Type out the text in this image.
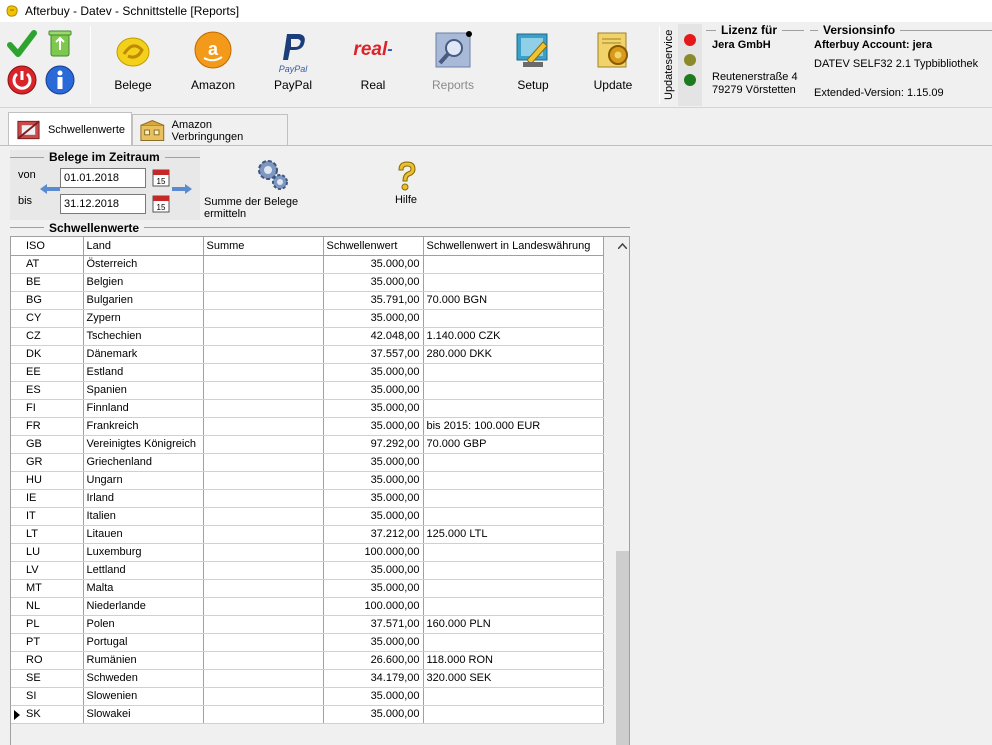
Afterbuy - Datev - Schnittstelle [Reports]
Belege
a
Amazon
PayPal
PayPal
real -
Real	Reports	Setup	Update	Updateservice	Lizenz für
Jera GmbH
Reutenerstraße 4
79279 Vörstetten
Versionsinfo
Afterbuy Account: jera
DATEV SELF32 2.1 Typbibliothek
Extended-Version: 1.15.09
Schwellenwerte	Amazon Verbringungen
Belege im Zeitraum
von
bis
01.01.2018
31.12.2018
15
15	Summe der Belege ermitteln
Hilfe
Schwellenwerte
	ISO	Land	Summe	Schwellenwert	Schwellenwert in Landeswährung
	AT	Österreich		35.000,00	
	BE	Belgien		35.000,00	
	BG	Bulgarien		35.791,00	70.000 BGN
	CY	Zypern		35.000,00	
	CZ	Tschechien		42.048,00	1.140.000 CZK
	DK	Dänemark		37.557,00	280.000 DKK
	EE	Estland		35.000,00	
	ES	Spanien		35.000,00	
	FI	Finnland		35.000,00	
	FR	Frankreich		35.000,00	bis 2015: 100.000 EUR
	GB	Vereinigtes Königreich		97.292,00	70.000 GBP
	GR	Griechenland		35.000,00	
	HU	Ungarn		35.000,00	
	IE	Irland		35.000,00	
	IT	Italien		35.000,00	
	LT	Litauen		37.212,00	125.000 LTL
	LU	Luxemburg		100.000,00	
	LV	Lettland		35.000,00	
	MT	Malta		35.000,00	
	NL	Niederlande		100.000,00	
	PL	Polen		37.571,00	160.000 PLN
	PT	Portugal		35.000,00	
	RO	Rumänien		26.600,00	118.000 RON
	SE	Schweden		34.179,00	320.000 SEK
	SI	Slowenien		35.000,00	

	SK	Slowakei		35.000,00	
